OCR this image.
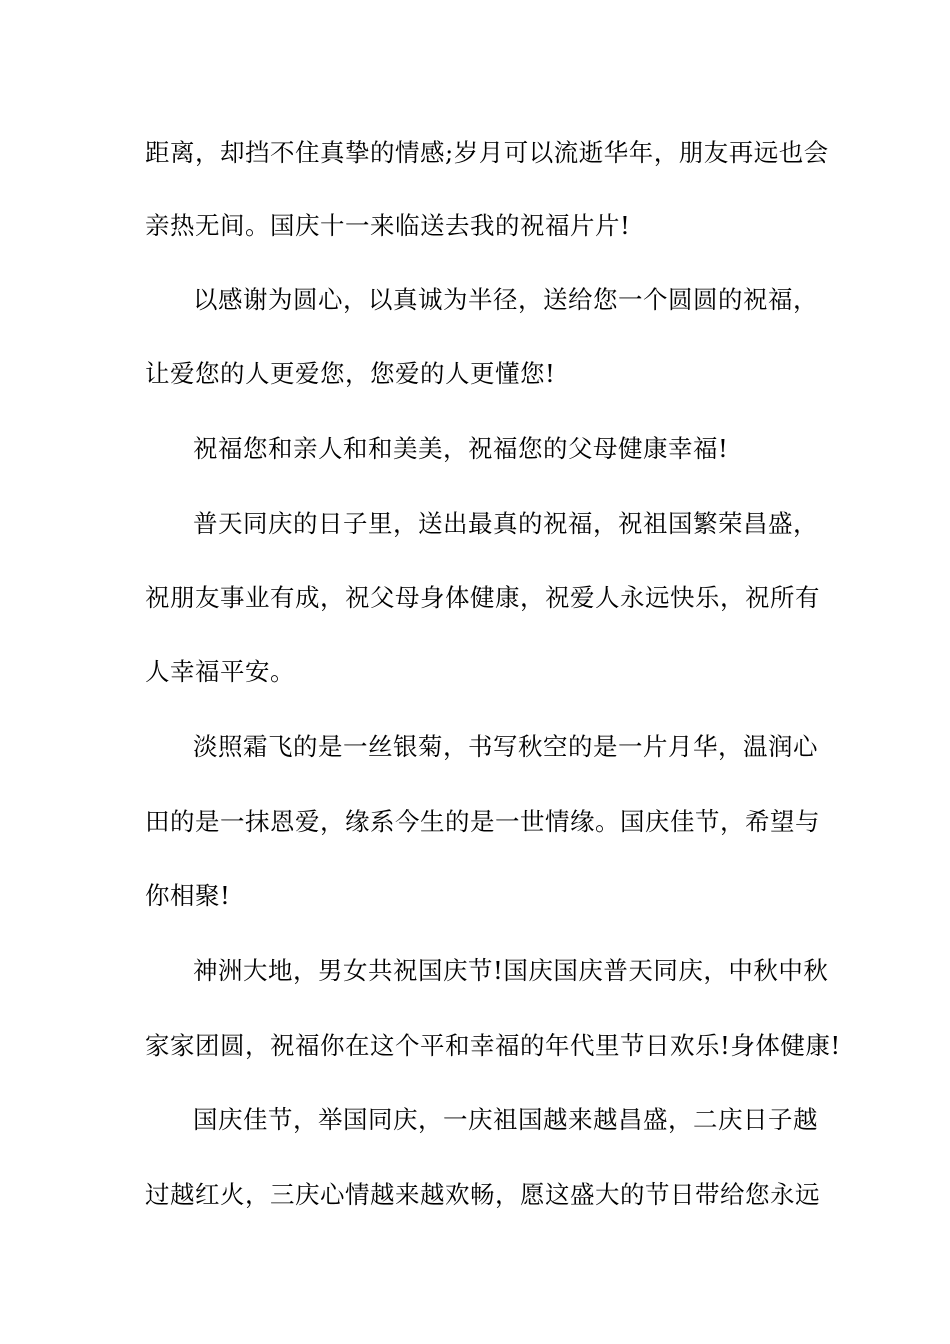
距离，却挡不住真挚的情感;岁月可以流逝华年，朋友再远也会
亲热无间。国庆十一来临送去我的祝福片片!
以感谢为圆心，以真诚为半径，送给您一个圆圆的祝福，
让爱您的人更爱您，您爱的人更懂您!
祝福您和亲人和和美美，祝福您的父母健康幸福!
普天同庆的日子里，送出最真的祝福，祝祖国繁荣昌盛，
祝朋友事业有成，祝父母身体健康，祝爱人永远快乐，祝所有
人幸福平安。
淡照霜飞的是一丝银菊，书写秋空的是一片月华，温润心
田的是一抹恩爱，缘系今生的是一世情缘。国庆佳节，希望与
你相聚!
神洲大地，男女共祝国庆节!国庆国庆普天同庆，中秋中秋
家家团圆，祝福你在这个平和幸福的年代里节日欢乐!身体健康!
国庆佳节，举国同庆，一庆祖国越来越昌盛，二庆日子越
过越红火，三庆心情越来越欢畅，愿这盛大的节日带给您永远
